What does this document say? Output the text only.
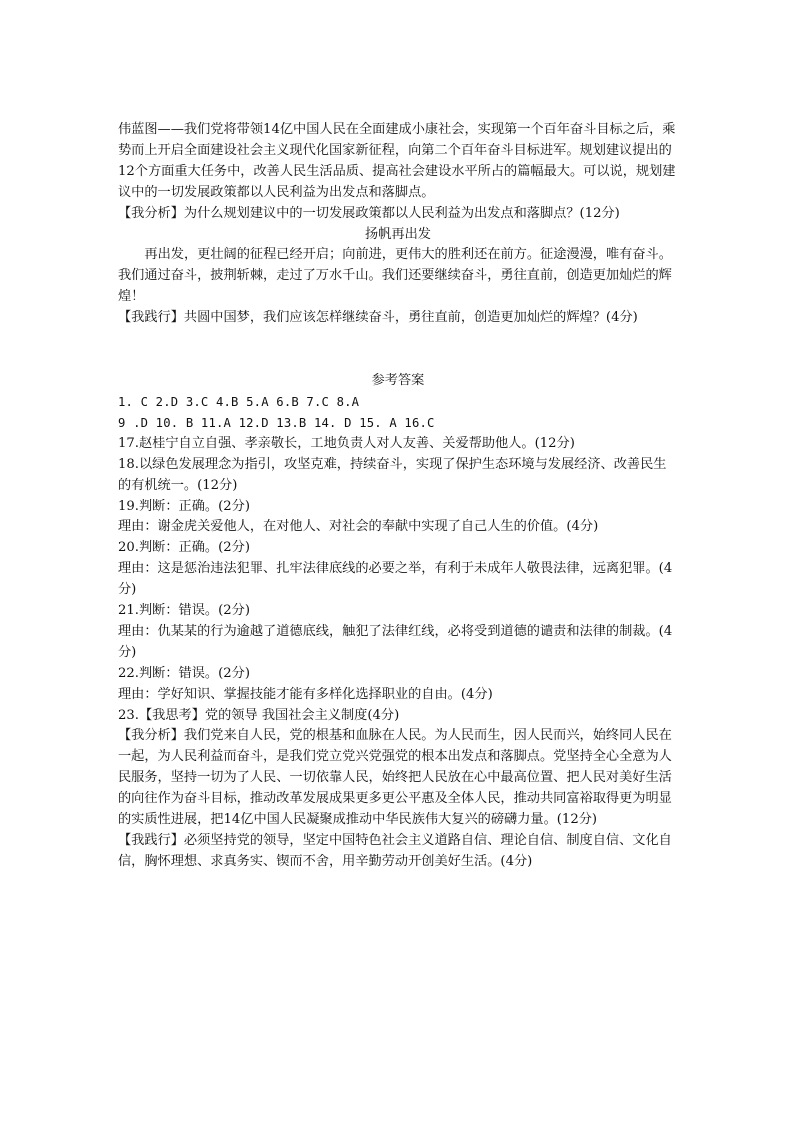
伟蓝图——我们党将带领14亿中国人民在全面建成小康社会，实现第一个百年奋斗目标之后，乘势而上开启全面建设社会主义现代化国家新征程，向第二个百年奋斗目标进军。规划建议提出的12个方面重大任务中，改善人民生活品质、提高社会建设水平所占的篇幅最大。可以说，规划建议中的一切发展政策都以人民利益为出发点和落脚点。

【我分析】为什么规划建议中的一切发展政策都以人民利益为出发点和落脚点？(12分)

扬帆再出发

再出发，更壮阔的征程已经开启；向前进，更伟大的胜利还在前方。征途漫漫，唯有奋斗。我们通过奋斗，披荆斩棘，走过了万水千山。我们还要继续奋斗，勇往直前，创造更加灿烂的辉煌！

【我践行】共圆中国梦，我们应该怎样继续奋斗，勇往直前，创造更加灿烂的辉煌？(4分)

参考答案

1. C 2.D 3.C 4.B 5.A 6.B 7.C 8.A

9 .D 10. B 11.A 12.D 13.B 14. D 15. A 16.C

17.赵桂宁自立自强、孝亲敬长，工地负责人对人友善、关爱帮助他人。(12分)

18.以绿色发展理念为指引，攻坚克难，持续奋斗，实现了保护生态环境与发展经济、改善民生的有机统一。(12分)

19.判断：正确。(2分)

理由：谢金虎关爱他人，在对他人、对社会的奉献中实现了自己人生的价值。(4分)

20.判断：正确。(2分)

理由：这是惩治违法犯罪、扎牢法律底线的必要之举，有利于未成年人敬畏法律，远离犯罪。(4分)

21.判断：错误。(2分)

理由：仇某某的行为逾越了道德底线，触犯了法律红线，必将受到道德的谴责和法律的制裁。(4分)

22.判断：错误。(2分)

理由：学好知识、掌握技能才能有多样化选择职业的自由。(4分)

23.【我思考】党的领导 我国社会主义制度(4分)

【我分析】我们党来自人民，党的根基和血脉在人民。为人民而生，因人民而兴，始终同人民在一起，为人民利益而奋斗，是我们党立党兴党强党的根本出发点和落脚点。党坚持全心全意为人民服务，坚持一切为了人民、一切依靠人民，始终把人民放在心中最高位置、把人民对美好生活的向往作为奋斗目标，推动改革发展成果更多更公平惠及全体人民，推动共同富裕取得更为明显的实质性进展，把14亿中国人民凝聚成推动中华民族伟大复兴的磅礴力量。(12分)

【我践行】必须坚持党的领导，坚定中国特色社会主义道路自信、理论自信、制度自信、文化自信，胸怀理想、求真务实、锲而不舍，用辛勤劳动开创美好生活。(4分)
